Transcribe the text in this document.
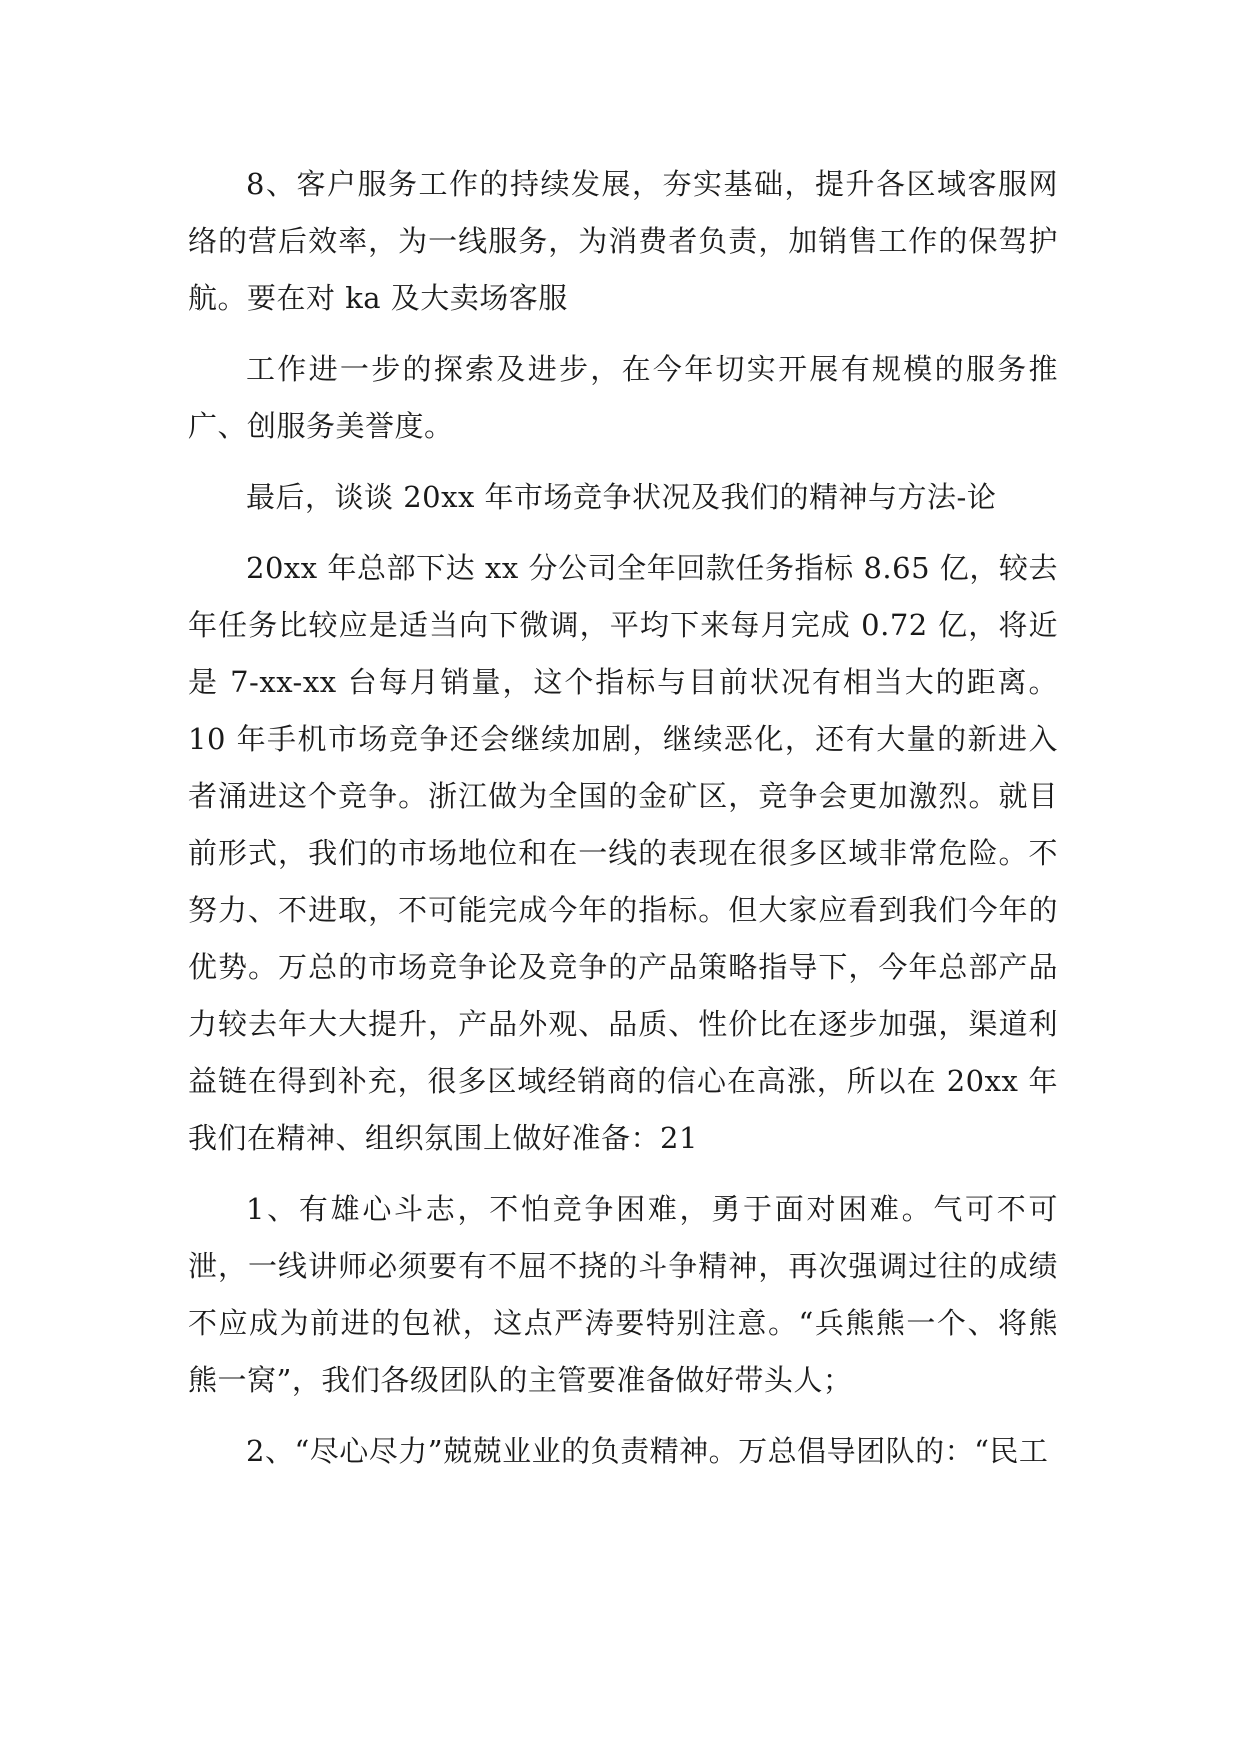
8、客户服务工作的持续发展，夯实基础，提升各区域客服网络的营后效率，为一线服务，为消费者负责，加销售工作的保驾护航。要在对 ka 及大卖场客服

工作进一步的探索及进步，在今年切实开展有规模的服务推广、创服务美誉度。

最后，谈谈 20xx 年市场竞争状况及我们的精神与方法-论

20xx 年总部下达 xx 分公司全年回款任务指标 8.65 亿，较去年任务比较应是适当向下微调，平均下来每月完成 0.72 亿，将近是 7-xx-xx 台每月销量，这个指标与目前状况有相当大的距离。10 年手机市场竞争还会继续加剧，继续恶化，还有大量的新进入者涌进这个竞争。浙江做为全国的金矿区，竞争会更加激烈。就目前形式，我们的市场地位和在一线的表现在很多区域非常危险。不努力、不进取，不可能完成今年的指标。但大家应看到我们今年的优势。万总的市场竞争论及竞争的产品策略指导下，今年总部产品力较去年大大提升，产品外观、品质、性价比在逐步加强，渠道利益链在得到补充，很多区域经销商的信心在高涨，所以在 20xx 年我们在精神、组织氛围上做好准备：21

1、有雄心斗志，不怕竞争困难，勇于面对困难。气可不可泄，一线讲师必须要有不屈不挠的斗争精神，再次强调过往的成绩不应成为前进的包袱，这点严涛要特别注意。“兵熊熊一个、将熊熊一窝”，我们各级团队的主管要准备做好带头人；

2、“尽心尽力”兢兢业业的负责精神。万总倡导团队的：“民工
